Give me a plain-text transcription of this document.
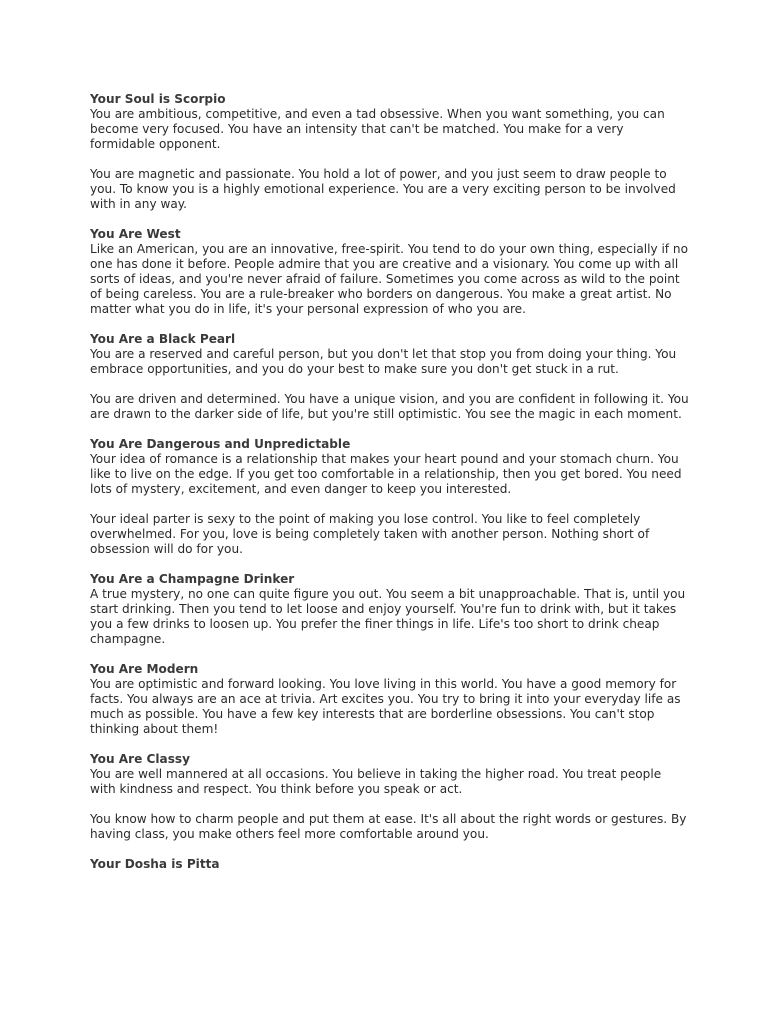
Your Soul is Scorpio

You are ambitious, competitive, and even a tad obsessive. When you want something, you can become very focused. You have an intensity that can't be matched. You make for a very formidable opponent.

You are magnetic and passionate. You hold a lot of power, and you just seem to draw people to you. To know you is a highly emotional experience. You are a very exciting person to be involved with in any way.

You Are West

Like an American, you are an innovative, free-spirit. You tend to do your own thing, especially if no one has done it before. People admire that you are creative and a visionary. You come up with all sorts of ideas, and you're never afraid of failure. Sometimes you come across as wild to the point of being careless. You are a rule-breaker who borders on dangerous. You make a great artist. No matter what you do in life, it's your personal expression of who you are.

You Are a Black Pearl

You are a reserved and careful person, but you don't let that stop you from doing your thing. You embrace opportunities, and you do your best to make sure you don't get stuck in a rut.

You are driven and determined. You have a unique vision, and you are confident in following it. You are drawn to the darker side of life, but you're still optimistic. You see the magic in each moment.

You Are Dangerous and Unpredictable

Your idea of romance is a relationship that makes your heart pound and your stomach churn. You like to live on the edge. If you get too comfortable in a relationship, then you get bored. You need lots of mystery, excitement, and even danger to keep you interested.

Your ideal parter is sexy to the point of making you lose control. You like to feel completely overwhelmed. For you, love is being completely taken with another person. Nothing short of obsession will do for you.

You Are a Champagne Drinker

A true mystery, no one can quite figure you out. You seem a bit unapproachable. That is, until you start drinking. Then you tend to let loose and enjoy yourself. You're fun to drink with, but it takes you a few drinks to loosen up. You prefer the finer things in life. Life's too short to drink cheap champagne.

You Are Modern

You are optimistic and forward looking. You love living in this world. You have a good memory for facts. You always are an ace at trivia. Art excites you. You try to bring it into your everyday life as much as possible. You have a few key interests that are borderline obsessions. You can't stop thinking about them!

You Are Classy

You are well mannered at all occasions. You believe in taking the higher road. You treat people with kindness and respect. You think before you speak or act.

You know how to charm people and put them at ease. It's all about the right words or gestures. By having class, you make others feel more comfortable around you.

Your Dosha is Pitta
